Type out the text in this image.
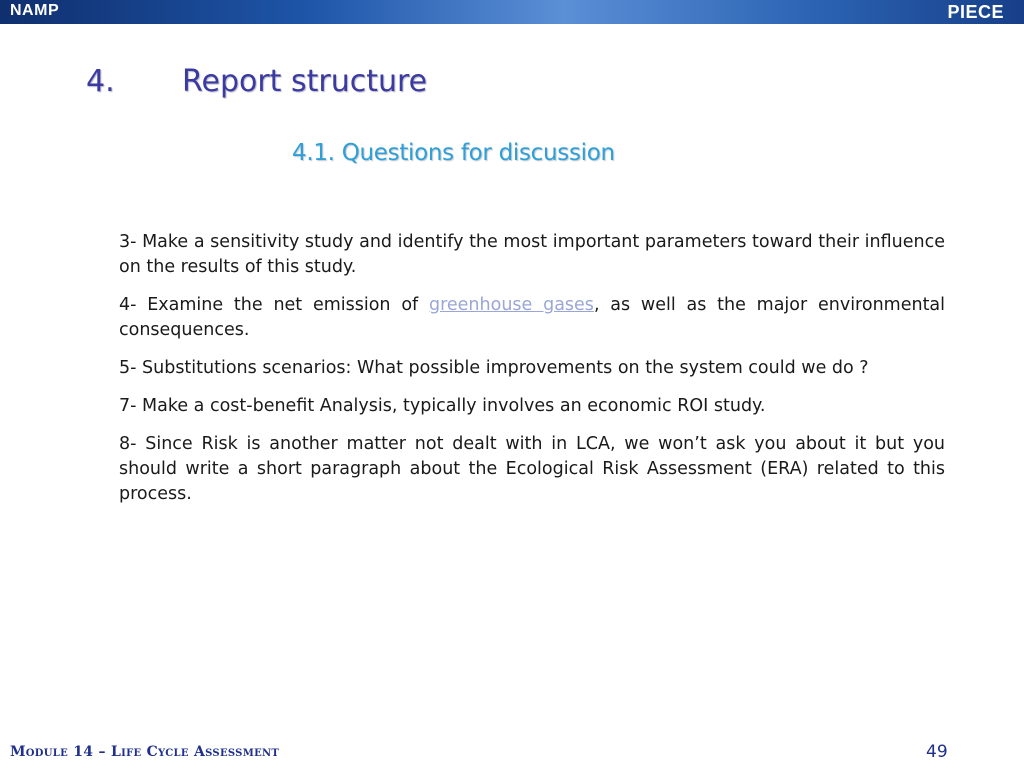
NAMP	PIECE
4. Report structure
4.1. Questions for discussion

3- Make a sensitivity study and identify the most important parameters toward their influence on the results of this study.

4- Examine the net emission of greenhouse gases, as well as the major environmental consequences.

5- Substitutions scenarios: What possible improvements on the system could we do ?

7- Make a cost-benefit Analysis, typically involves an economic ROI study.

8- Since Risk is another matter not dealt with in LCA, we won’t ask you about it but you should write a short paragraph about the Ecological Risk Assessment (ERA) related to this process.

Module 14 – Life Cycle Assessment	49
